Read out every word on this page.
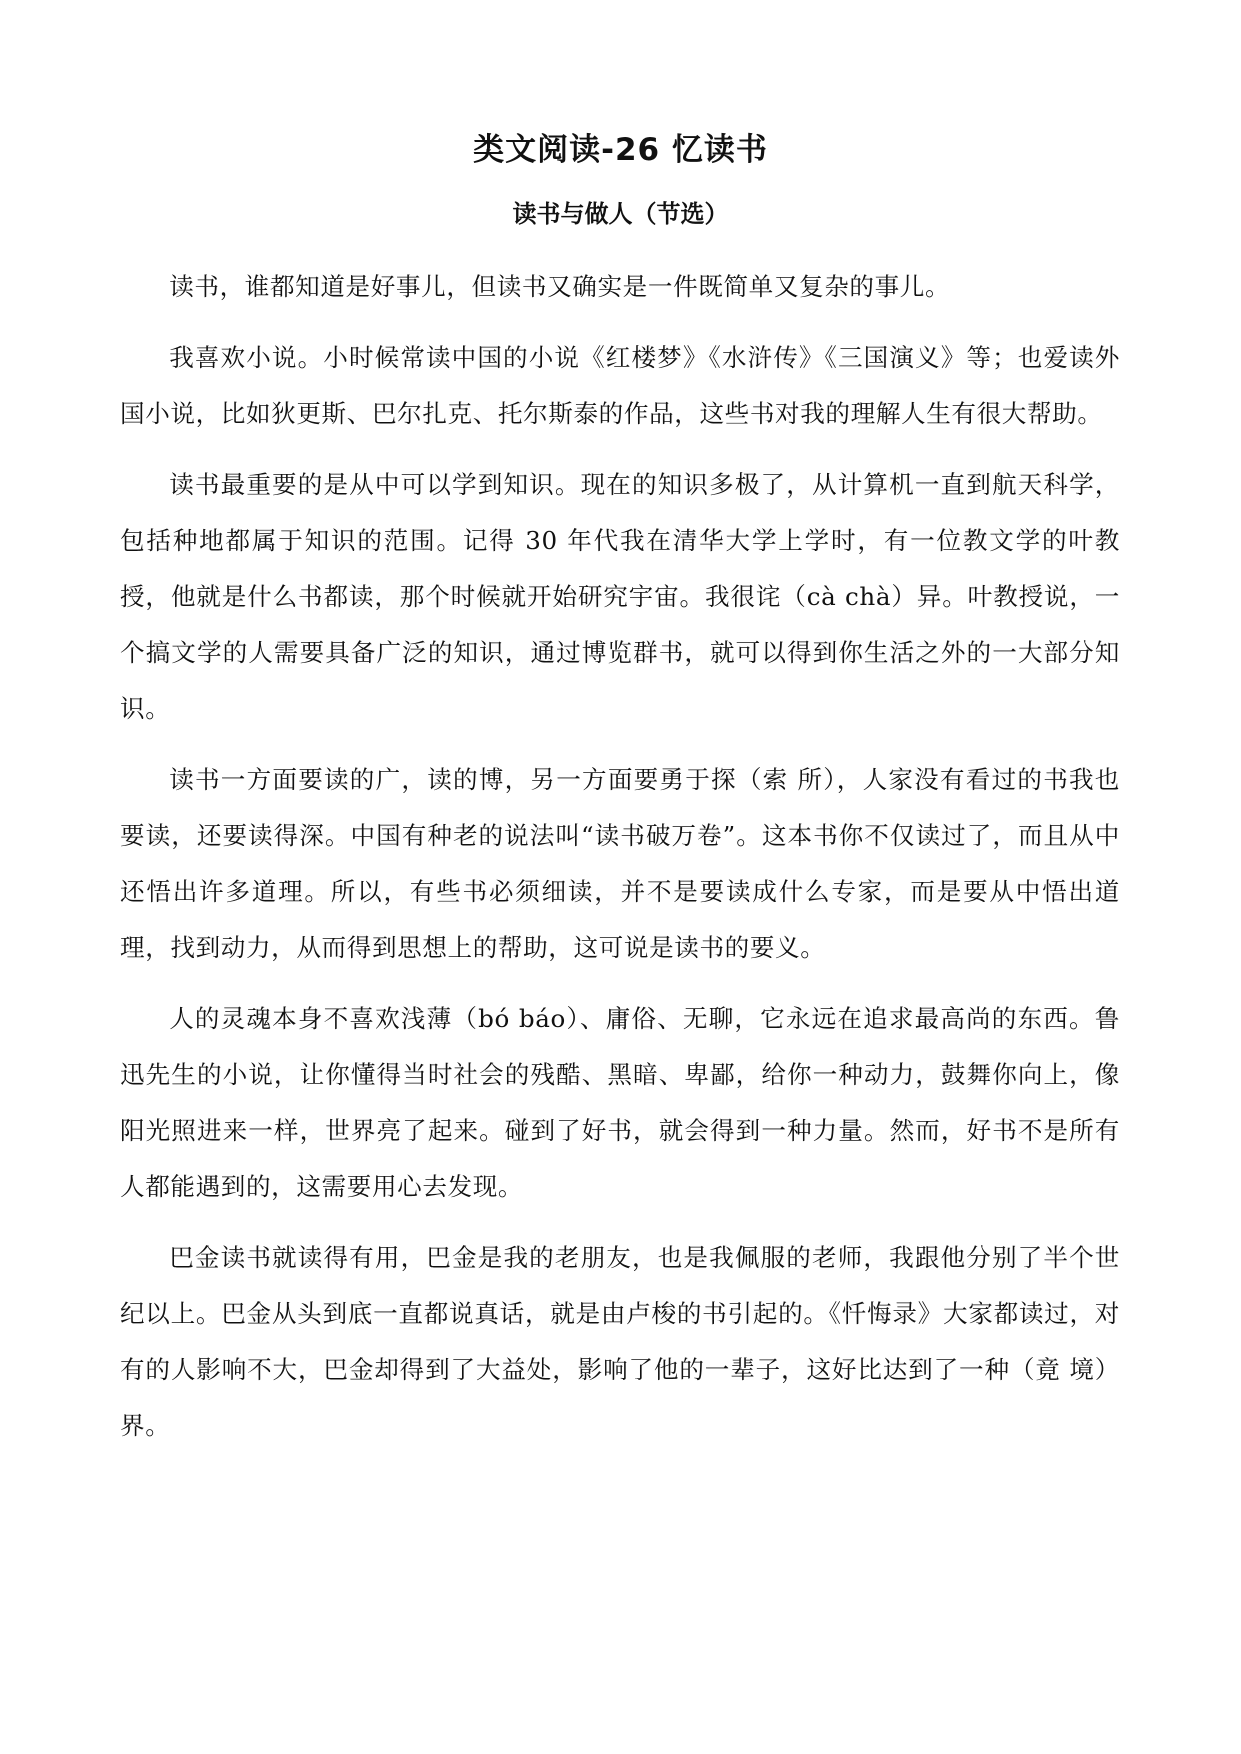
类文阅读-26 忆读书
读书与做人（节选）

读书，谁都知道是好事儿，但读书又确实是一件既简单又复杂的事儿。

我喜欢小说。小时候常读中国的小说《红楼梦》《水浒传》《三国演义》等；也爱读外国小说，比如狄更斯、巴尔扎克、托尔斯泰的作品，这些书对我的理解人生有很大帮助。

读书最重要的是从中可以学到知识。现在的知识多极了，从计算机一直到航天科学，包括种地都属于知识的范围。记得 30 年代我在清华大学上学时，有一位教文学的叶教授，他就是什么书都读，那个时候就开始研究宇宙。我很诧（cà chà）异。叶教授说，一个搞文学的人需要具备广泛的知识，通过博览群书，就可以得到你生活之外的一大部分知识。

读书一方面要读的广，读的博，另一方面要勇于探（索 所），人家没有看过的书我也要读，还要读得深。中国有种老的说法叫“读书破万卷”。这本书你不仅读过了，而且从中还悟出许多道理。所以，有些书必须细读，并不是要读成什么专家，而是要从中悟出道理，找到动力，从而得到思想上的帮助，这可说是读书的要义。

人的灵魂本身不喜欢浅薄（bó báo）、庸俗、无聊，它永远在追求最高尚的东西。鲁迅先生的小说，让你懂得当时社会的残酷、黑暗、卑鄙，给你一种动力，鼓舞你向上，像阳光照进来一样，世界亮了起来。碰到了好书，就会得到一种力量。然而，好书不是所有人都能遇到的，这需要用心去发现。

巴金读书就读得有用，巴金是我的老朋友，也是我佩服的老师，我跟他分别了半个世纪以上。巴金从头到底一直都说真话，就是由卢梭的书引起的。《忏悔录》大家都读过，对有的人影响不大，巴金却得到了大益处，影响了他的一辈子，这好比达到了一种（竟 境）界。
